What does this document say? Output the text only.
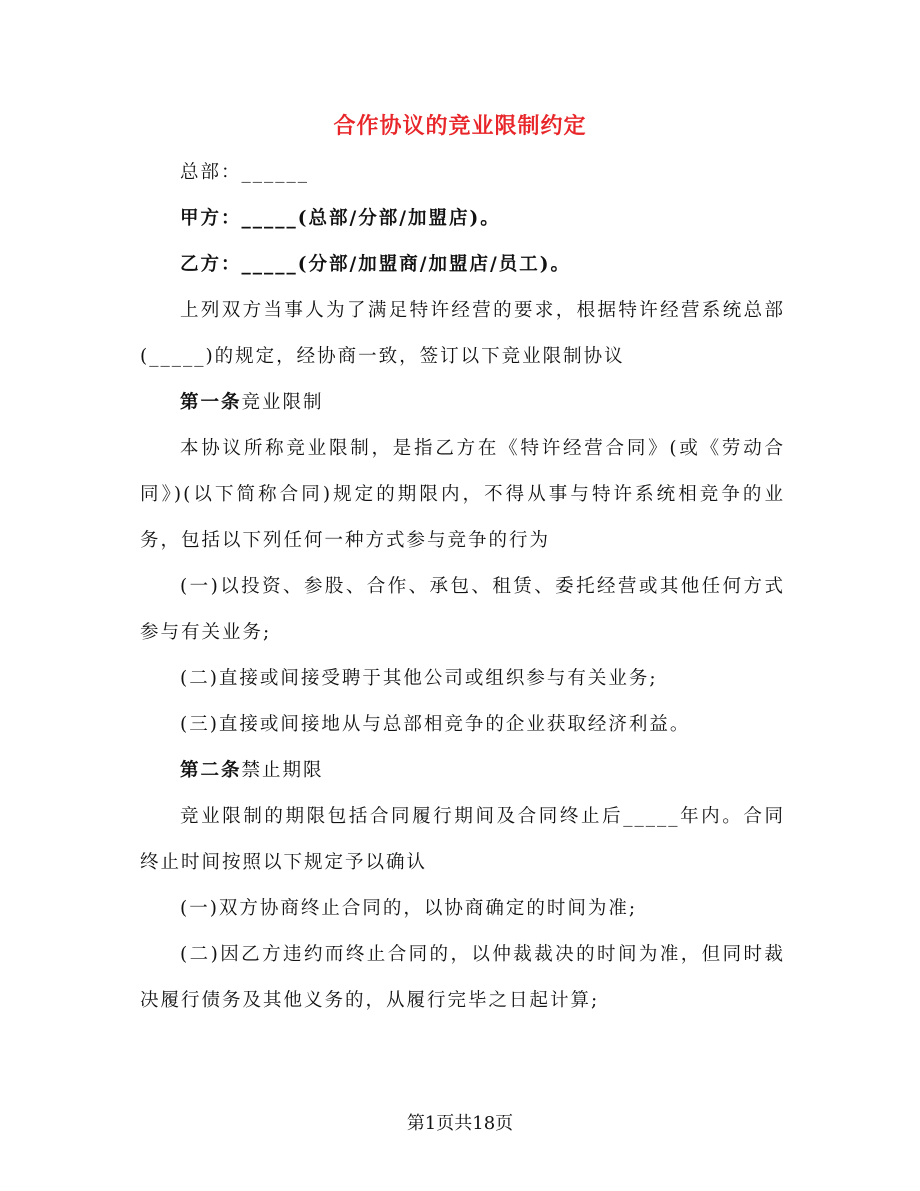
合作协议的竞业限制约定

总部：______

甲方：_____(总部/分部/加盟店)。

乙方：_____(分部/加盟商/加盟店/员工)。

上列双方当事人为了满足特许经营的要求，根据特许经营系统总部(_____)的规定，经协商一致，签订以下竞业限制协议

第一条竞业限制

本协议所称竞业限制，是指乙方在《特许经营合同》(或《劳动合同》)(以下简称合同)规定的期限内，不得从事与特许系统相竞争的业务，包括以下列任何一种方式参与竞争的行为

(一)以投资、参股、合作、承包、租赁、委托经营或其他任何方式参与有关业务;

(二)直接或间接受聘于其他公司或组织参与有关业务;

(三)直接或间接地从与总部相竞争的企业获取经济利益。

第二条禁止期限

竞业限制的期限包括合同履行期间及合同终止后_____年内。合同终止时间按照以下规定予以确认

(一)双方协商终止合同的，以协商确定的时间为准;

(二)因乙方违约而终止合同的，以仲裁裁决的时间为准，但同时裁决履行债务及其他义务的，从履行完毕之日起计算;

第1页共18页
